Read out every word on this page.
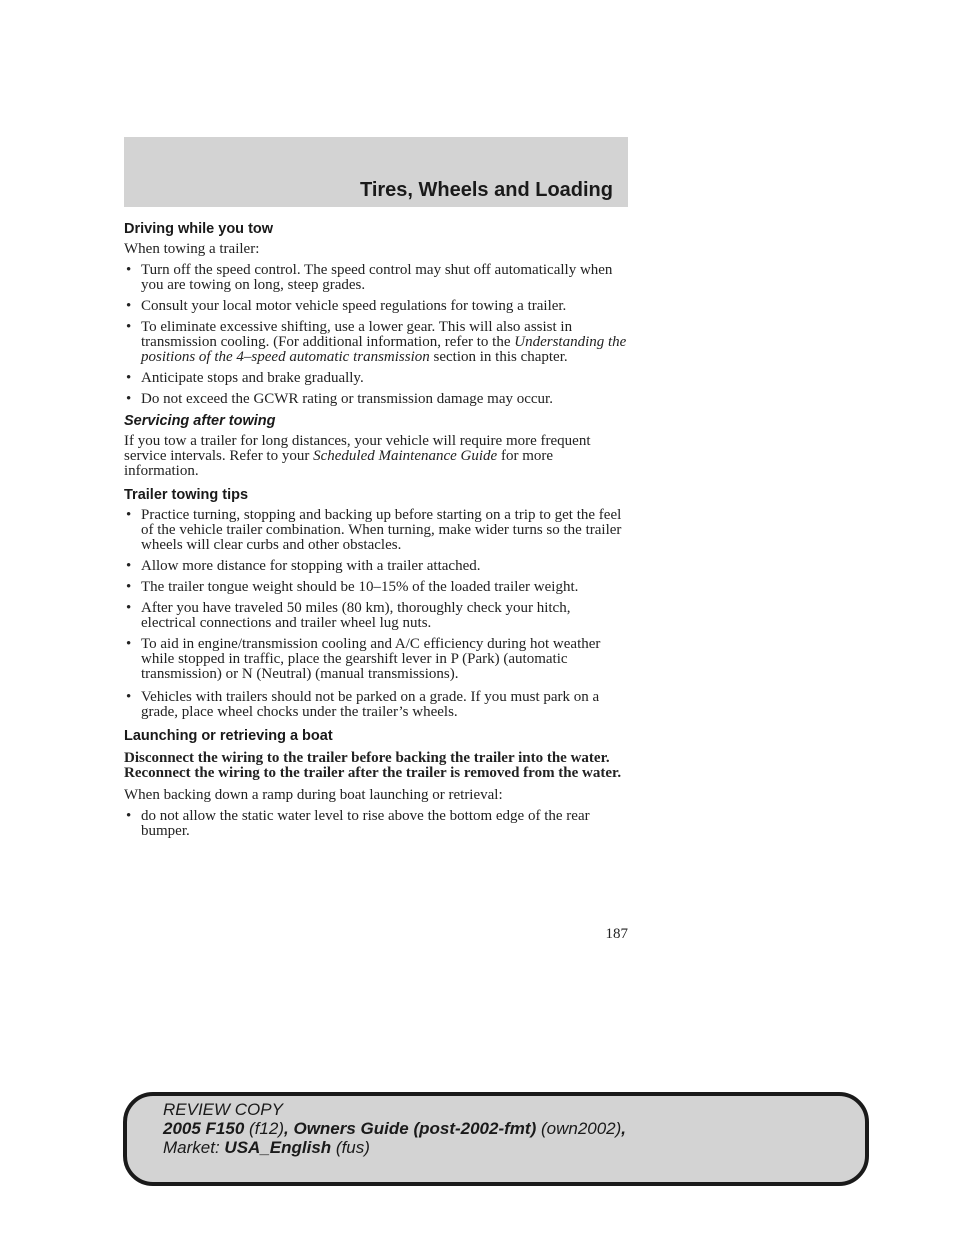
Tires, Wheels and Loading
Driving while you tow

When towing a trailer:

• Turn off the speed control. The speed control may shut off automatically when you are towing on long, steep grades.
• Consult your local motor vehicle speed regulations for towing a trailer.
• To eliminate excessive shifting, use a lower gear. This will also assist in transmission cooling. (For additional information, refer to the Understanding the positions of the 4–speed automatic transmission section in this chapter.
• Anticipate stops and brake gradually.
• Do not exceed the GCWR rating or transmission damage may occur.
Servicing after towing

If you tow a trailer for long distances, your vehicle will require more frequent service intervals. Refer to your Scheduled Maintenance Guide for more information.

Trailer towing tips
• Practice turning, stopping and backing up before starting on a trip to get the feel of the vehicle trailer combination. When turning, make wider turns so the trailer wheels will clear curbs and other obstacles.
• Allow more distance for stopping with a trailer attached.
• The trailer tongue weight should be 10–15% of the loaded trailer weight.
• After you have traveled 50 miles (80 km), thoroughly check your hitch, electrical connections and trailer wheel lug nuts.
• To aid in engine/transmission cooling and A/C efficiency during hot weather while stopped in traffic, place the gearshift lever in P (Park) (automatic transmission) or N (Neutral) (manual transmissions).
• Vehicles with trailers should not be parked on a grade. If you must park on a grade, place wheel chocks under the trailer’s wheels.
Launching or retrieving a boat

Disconnect the wiring to the trailer before backing the trailer into the water. Reconnect the wiring to the trailer after the trailer is removed from the water.

When backing down a ramp during boat launching or retrieval:

• do not allow the static water level to rise above the bottom edge of the rear bumper.
187
REVIEW COPY
2005 F150 (f12), Owners Guide (post-2002-fmt) (own2002),
Market: USA_English (fus)
